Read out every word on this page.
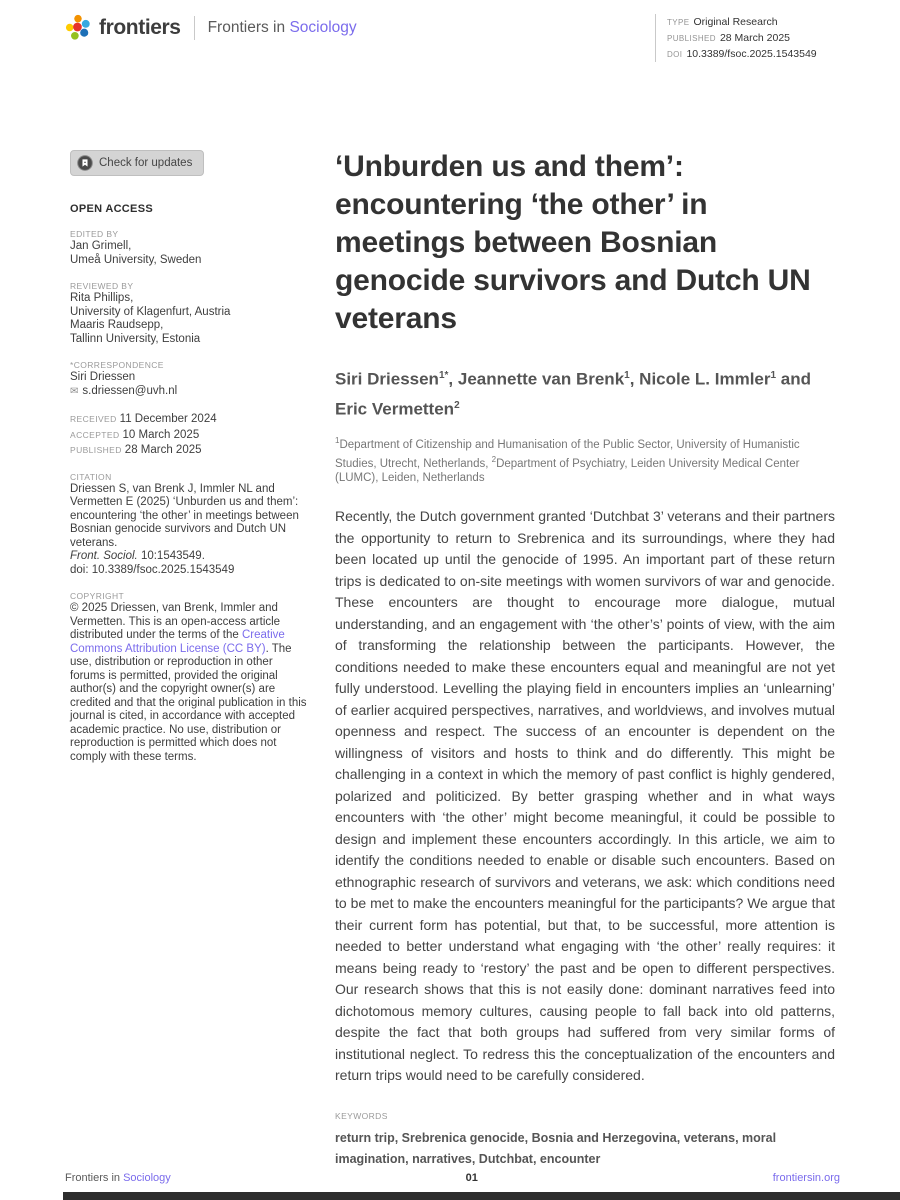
frontiers Frontiers in Sociology	TYPE Original Research
PUBLISHED 28 March 2025
DOI 10.3389/fsoc.2025.1543549
Check for updates
OPEN ACCESS
EDITED BY
Jan Grimell,
Umeå University, Sweden
REVIEWED BY
Rita Phillips,
University of Klagenfurt, Austria
Maaris Raudsepp,
Tallinn University, Estonia
*CORRESPONDENCE
Siri Driessen
✉ s.driessen@uvh.nl
RECEIVED 11 December 2024
ACCEPTED 10 March 2025
PUBLISHED 28 March 2025
CITATION
Driessen S, van Brenk J, Immler NL and Vermetten E (2025) ‘Unburden us and them’: encountering ‘the other’ in meetings between Bosnian genocide survivors and Dutch UN veterans.
Front. Sociol. 10:1543549.
doi: 10.3389/fsoc.2025.1543549
COPYRIGHT
© 2025 Driessen, van Brenk, Immler and Vermetten. This is an open-access article distributed under the terms of the Creative Commons Attribution License (CC BY). The use, distribution or reproduction in other forums is permitted, provided the original author(s) and the copyright owner(s) are credited and that the original publication in this journal is cited, in accordance with accepted academic practice. No use, distribution or reproduction is permitted which does not comply with these terms.
‘Unburden us and them’: encountering ‘the other’ in meetings between Bosnian genocide survivors and Dutch UN veterans

Siri Driessen$^{1*}$, Jeannette van Brenk$^1$, Nicole L. Immler$^1$ and Eric Vermetten$^2$

$^1$Department of Citizenship and Humanisation of the Public Sector, University of Humanistic Studies, Utrecht, Netherlands, $^2$Department of Psychiatry, Leiden University Medical Center (LUMC), Leiden, Netherlands

Recently, the Dutch government granted ‘Dutchbat 3’ veterans and their partners the opportunity to return to Srebrenica and its surroundings, where they had been located up until the genocide of 1995. An important part of these return trips is dedicated to on-site meetings with women survivors of war and genocide. These encounters are thought to encourage more dialogue, mutual understanding, and an engagement with ‘the other’s’ points of view, with the aim of transforming the relationship between the participants. However, the conditions needed to make these encounters equal and meaningful are not yet fully understood. Levelling the playing field in encounters implies an ‘unlearning’ of earlier acquired perspectives, narratives, and worldviews, and involves mutual openness and respect. The success of an encounter is dependent on the willingness of visitors and hosts to think and do differently. This might be challenging in a context in which the memory of past conflict is highly gendered, polarized and politicized. By better grasping whether and in what ways encounters with ‘the other’ might become meaningful, it could be possible to design and implement these encounters accordingly. In this article, we aim to identify the conditions needed to enable or disable such encounters. Based on ethnographic research of survivors and veterans, we ask: which conditions need to be met to make the encounters meaningful for the participants? We argue that their current form has potential, but that, to be successful, more attention is needed to better understand what engaging with ‘the other’ really requires: it means being ready to ‘restory’ the past and be open to different perspectives. Our research shows that this is not easily done: dominant narratives feed into dichotomous memory cultures, causing people to fall back into old patterns, despite the fact that both groups had suffered from very similar forms of institutional neglect. To redress this the conceptualization of the encounters and return trips would need to be carefully considered.

KEYWORDS

return trip, Srebrenica genocide, Bosnia and Herzegovina, veterans, moral imagination, narratives, Dutchbat, encounter

Frontiers in Sociology	01	frontiersin.org
